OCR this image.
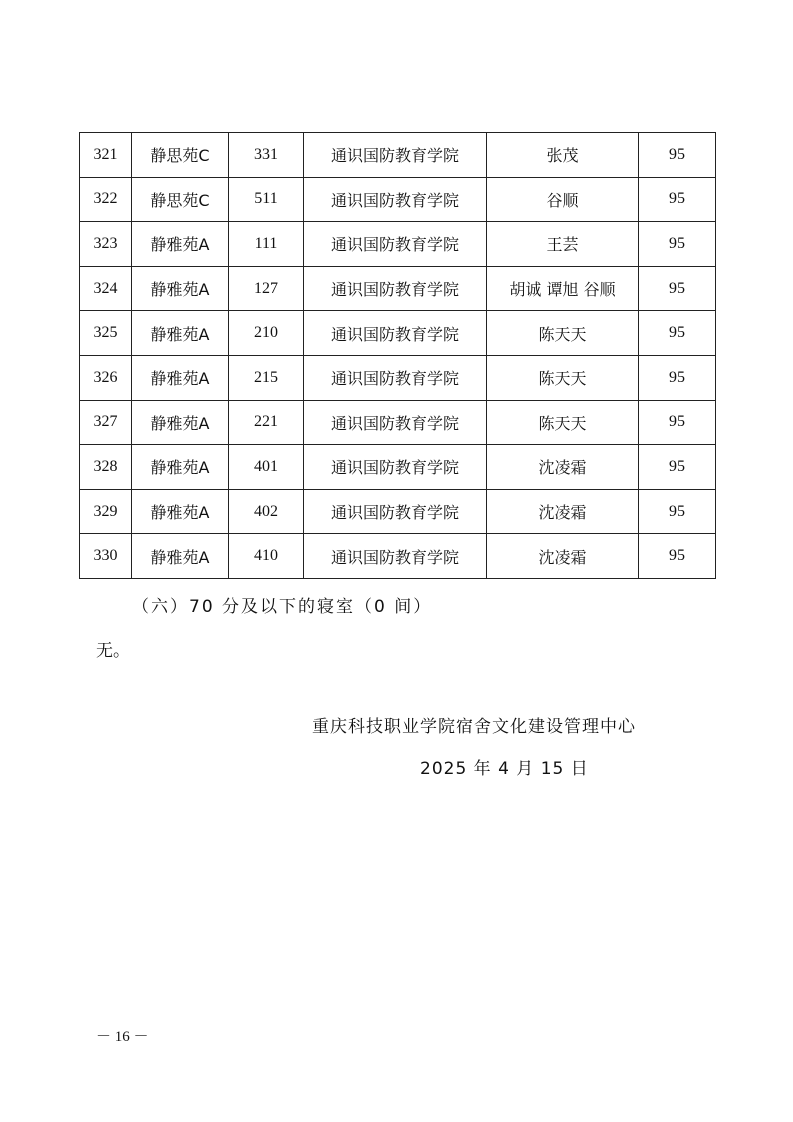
321	静思苑C	331	通识国防教育学院	张茂	95
322	静思苑C	511	通识国防教育学院	谷顺	95
323	静雅苑A	111	通识国防教育学院	王芸	95
324	静雅苑A	127	通识国防教育学院	胡诚 谭旭 谷顺	95
325	静雅苑A	210	通识国防教育学院	陈天天	95
326	静雅苑A	215	通识国防教育学院	陈天天	95
327	静雅苑A	221	通识国防教育学院	陈天天	95
328	静雅苑A	401	通识国防教育学院	沈凌霜	95
329	静雅苑A	402	通识国防教育学院	沈凌霜	95
330	静雅苑A	410	通识国防教育学院	沈凌霜	95
（六）70 分及以下的寝室（0 间）
无。
重庆科技职业学院宿舍文化建设管理中心
2025 年 4 月 15 日
－ 16 －
